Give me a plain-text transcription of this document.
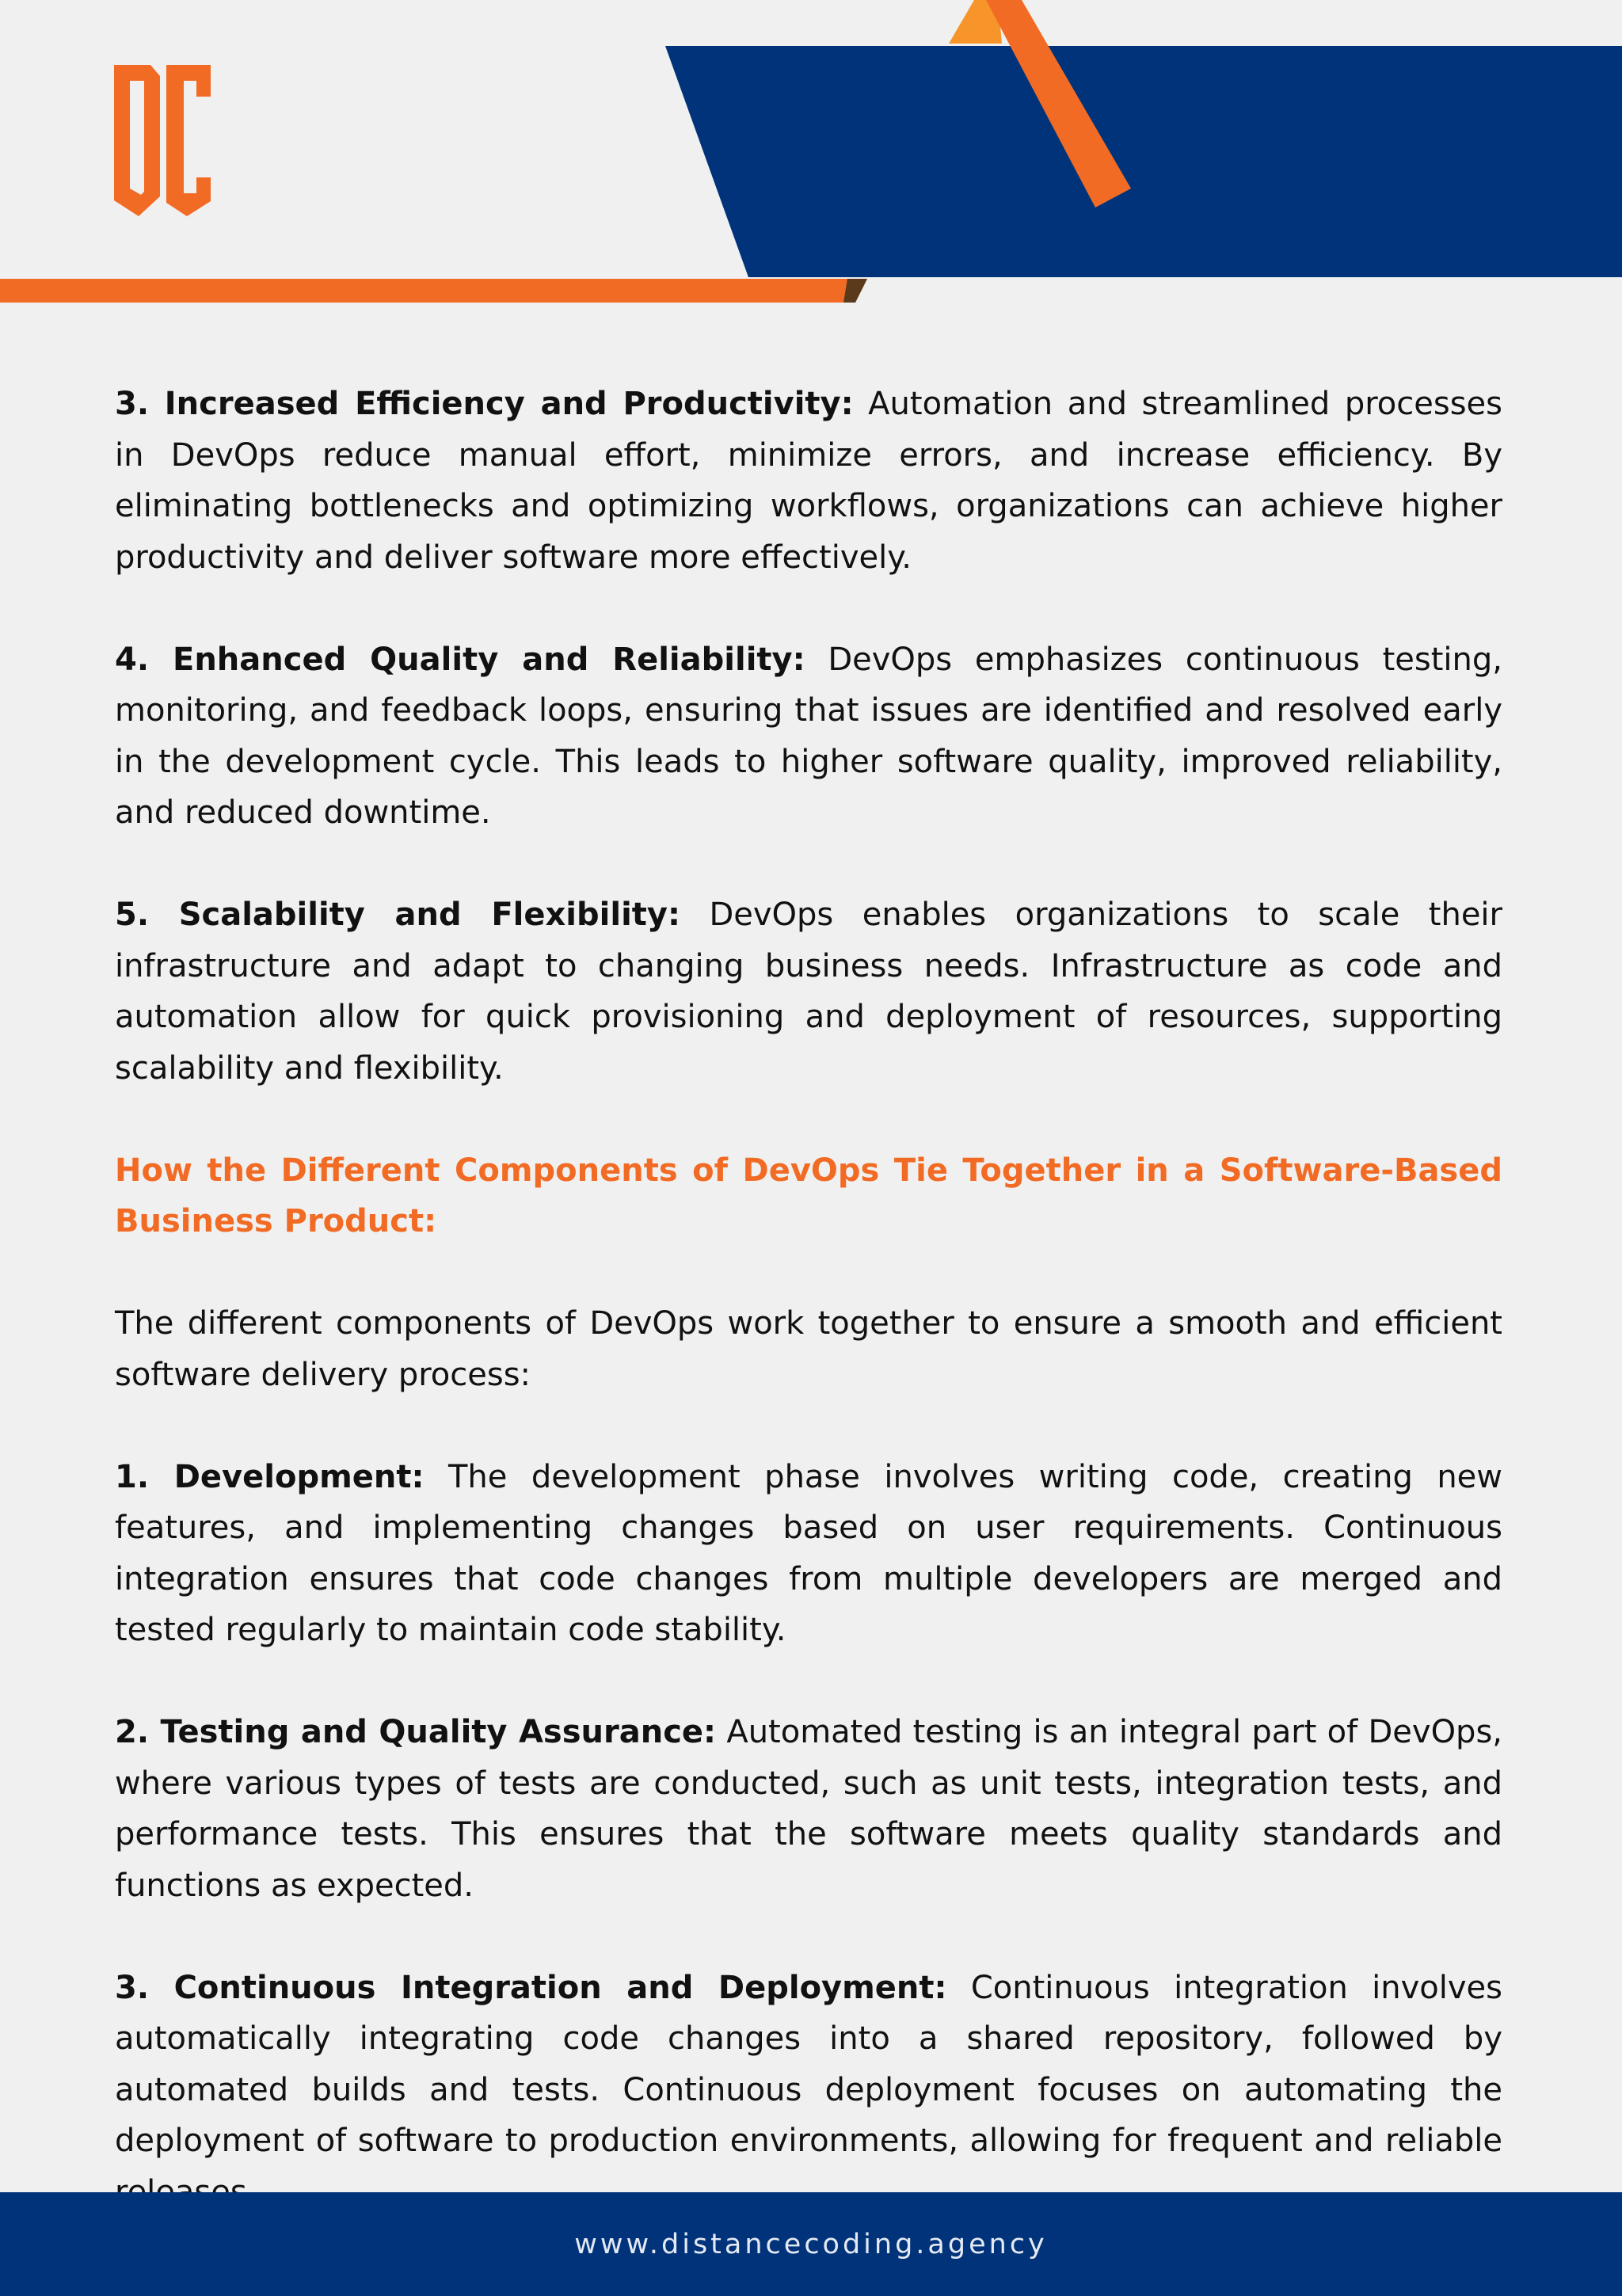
3. Increased Efficiency and Productivity: Automation and streamlined processes in DevOps reduce manual effort, minimize errors, and increase efficiency. By eliminating bottlenecks and optimizing workflows, organizations can achieve higher productivity and deliver software more effectively.

4. Enhanced Quality and Reliability: DevOps emphasizes continuous testing, monitoring, and feedback loops, ensuring that issues are identified and resolved early in the development cycle. This leads to higher software quality, improved reliability, and reduced downtime.

5. Scalability and Flexibility: DevOps enables organizations to scale their infrastructure and adapt to changing business needs. Infrastructure as code and automation allow for quick provisioning and deployment of resources, supporting scalability and flexibility.

How the Different Components of DevOps Tie Together in a Software-Based Business Product:

The different components of DevOps work together to ensure a smooth and efficient software delivery process:

1. Development: The development phase involves writing code, creating new features, and implementing changes based on user requirements. Continuous integration ensures that code changes from multiple developers are merged and tested regularly to maintain code stability.

2. Testing and Quality Assurance: Automated testing is an integral part of DevOps, where various types of tests are conducted, such as unit tests, integration tests, and performance tests. This ensures that the software meets quality standards and functions as expected.

3. Continuous Integration and Deployment: Continuous integration involves automatically integrating code changes into a shared repository, followed by automated builds and tests. Continuous deployment focuses on automating the deployment of software to production environments, allowing for frequent and reliable

www.distancecoding.agency
